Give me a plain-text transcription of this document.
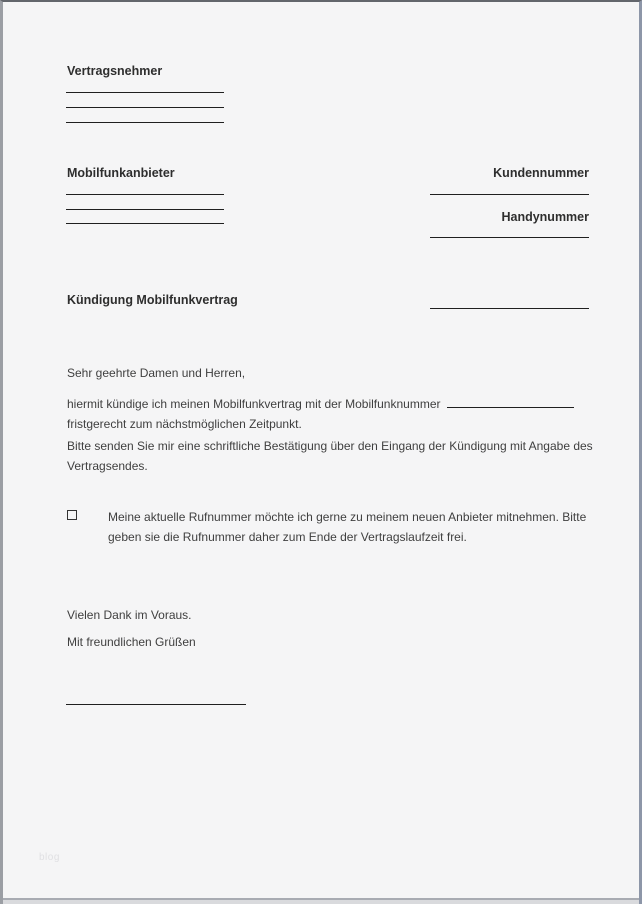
Vertragsnehmer
Mobilfunkanbieter	Kundennummer
Handynummer
Kündigung Mobilfunkvertrag
Sehr geehrte Damen und Herren,
hiermit kündige ich meinen Mobilfunkvertrag mit der Mobilfunknummer
fristgerecht zum nächstmöglichen Zeitpunkt.
Bitte senden Sie mir eine schriftliche Bestätigung über den Eingang der Kündigung mit Angabe des Vertragsendes.
Meine aktuelle Rufnummer möchte ich gerne zu meinem neuen Anbieter mitnehmen. Bitte geben sie die Rufnummer daher zum Ende der Vertragslaufzeit frei.
Vielen Dank im Voraus.
Mit freundlichen Grüßen
blog
